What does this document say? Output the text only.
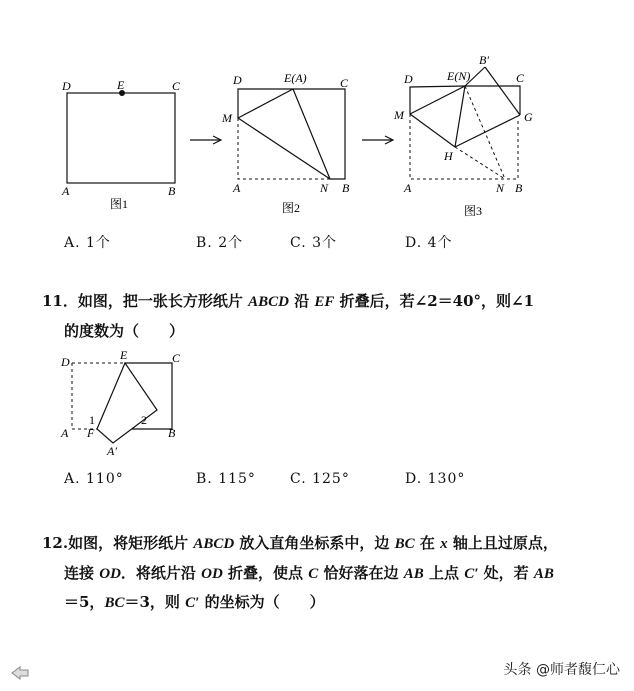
D	E	C
A	B
图1
D	E(A)	C
M
A	N B
图2
D	E(N)
B′
C
M	G
H
A	N B
图3
A. 1个	B. 2个	C. 3个	D. 4个
11．如图，把一张长方形纸片 ABCD 沿 EF 折叠后，若∠2＝40°，则∠1
的度数为（　　）
D	E	C
1	2
A F	B
A′
A. 110°	B. 115° C. 125°	D. 130°
12.如图，将矩形纸片 ABCD 放入直角坐标系中，边 BC 在 x 轴上且过原点，
连接 OD．将纸片沿 OD 折叠，使点 C 恰好落在边 AB 上点 C′ 处，若 AB
＝5，BC＝3，则 C′ 的坐标为（　　）
头条 @师者馥仁心
